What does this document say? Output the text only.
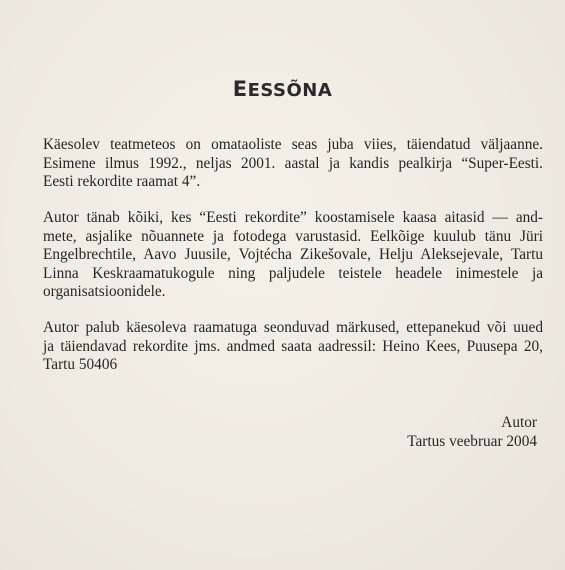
EESSÕNA
Käesolev teatmeteos on omataoliste seas juba viies, täiendatud väljaanne.
Esimene ilmus 1992., neljas 2001. aastal ja kandis pealkirja “Super-Eesti.
Eesti rekordite raamat 4”.
Autor tänab kõiki, kes “Eesti rekordite” koostamisele kaasa aitasid — and-
mete, asjalike nõuannete ja fotodega varustasid. Eelkõige kuulub tänu Jüri
Engelbrechtile, Aavo Juusile, Vojtécha Zikešovale, Helju Aleksejevale, Tartu
Linna Keskraamatukogule ning paljudele teistele headele inimestele ja
organisatsioonidele.
Autor palub käesoleva raamatuga seonduvad märkused, ettepanekud või uued
ja täiendavad rekordite jms. andmed saata aadressil: Heino Kees, Puusepa 20,
Tartu 50406
Autor
Tartus veebruar 2004
